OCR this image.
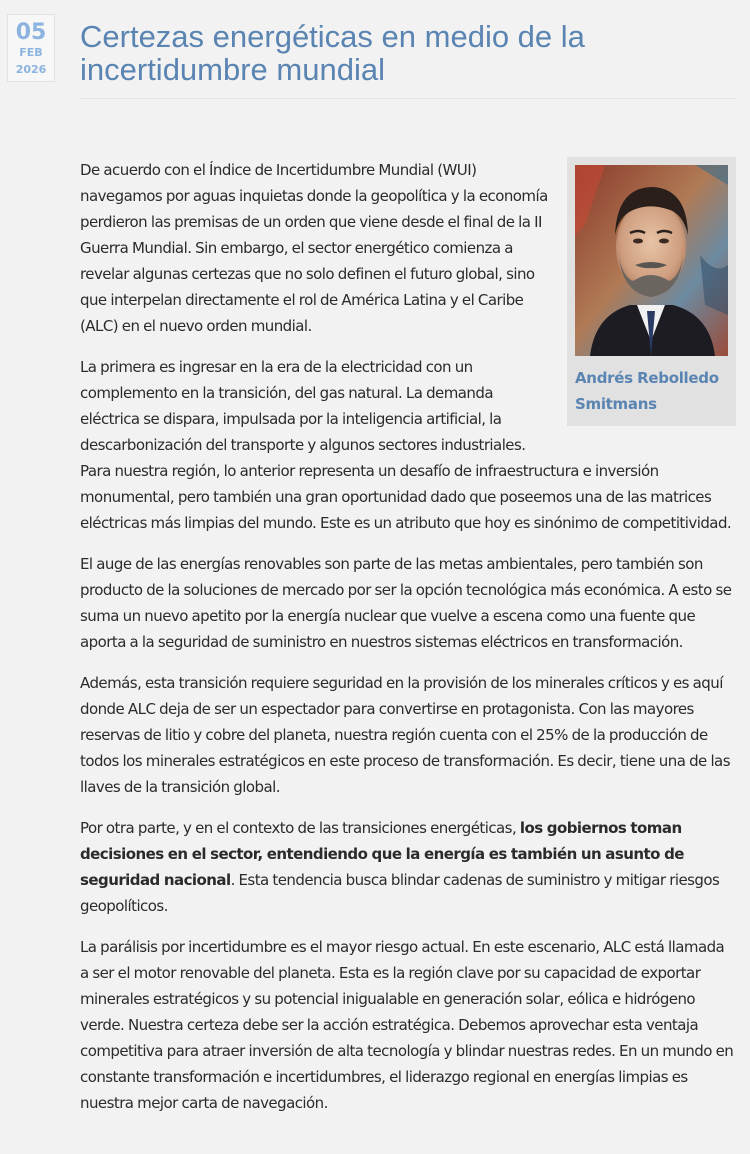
05
FEB
2026
Certezas energéticas en medio de la incertidumbre mundial
Andrés Rebolledo Smitmans

De acuerdo con el Índice de Incertidumbre Mundial (WUI) navegamos por aguas inquietas donde la geopolítica y la economía perdieron las premisas de un orden que viene desde el final de la II Guerra Mundial. Sin embargo, el sector energético comienza a revelar algunas certezas que no solo definen el futuro global, sino que interpelan directamente el rol de América Latina y el Caribe (ALC) en el nuevo orden mundial.

La primera es ingresar en la era de la electricidad con un complemento en la transición, del gas natural. La demanda eléctrica se dispara, impulsada por la inteligencia artificial, la descarbonización del transporte y algunos sectores industriales. Para nuestra región, lo anterior representa un desafío de infraestructura e inversión monumental, pero también una gran oportunidad dado que poseemos una de las matrices eléctricas más limpias del mundo. Este es un atributo que hoy es sinónimo de competitividad.

El auge de las energías renovables son parte de las metas ambientales, pero también son producto de la soluciones de mercado por ser la opción tecnológica más económica. A esto se suma un nuevo apetito por la energía nuclear que vuelve a escena como una fuente que aporta a la seguridad de suministro en nuestros sistemas eléctricos en transformación.

Además, esta transición requiere seguridad en la provisión de los minerales críticos y es aquí donde ALC deja de ser un espectador para convertirse en protagonista. Con las mayores reservas de litio y cobre del planeta, nuestra región cuenta con el 25% de la producción de todos los minerales estratégicos en este proceso de transformación. Es decir, tiene una de las llaves de la transición global.

Por otra parte, y en el contexto de las transiciones energéticas, los gobiernos toman decisiones en el sector, entendiendo que la energía es también un asunto de seguridad nacional. Esta tendencia busca blindar cadenas de suministro y mitigar riesgos geopolíticos.

La parálisis por incertidumbre es el mayor riesgo actual. En este escenario, ALC está llamada a ser el motor renovable del planeta. Esta es la región clave por su capacidad de exportar minerales estratégicos y su potencial inigualable en generación solar, eólica e hidrógeno verde. Nuestra certeza debe ser la acción estratégica. Debemos aprovechar esta ventaja competitiva para atraer inversión de alta tecnología y blindar nuestras redes. En un mundo en constante transformación e incertidumbres, el liderazgo regional en energías limpias es nuestra mejor carta de navegación.
